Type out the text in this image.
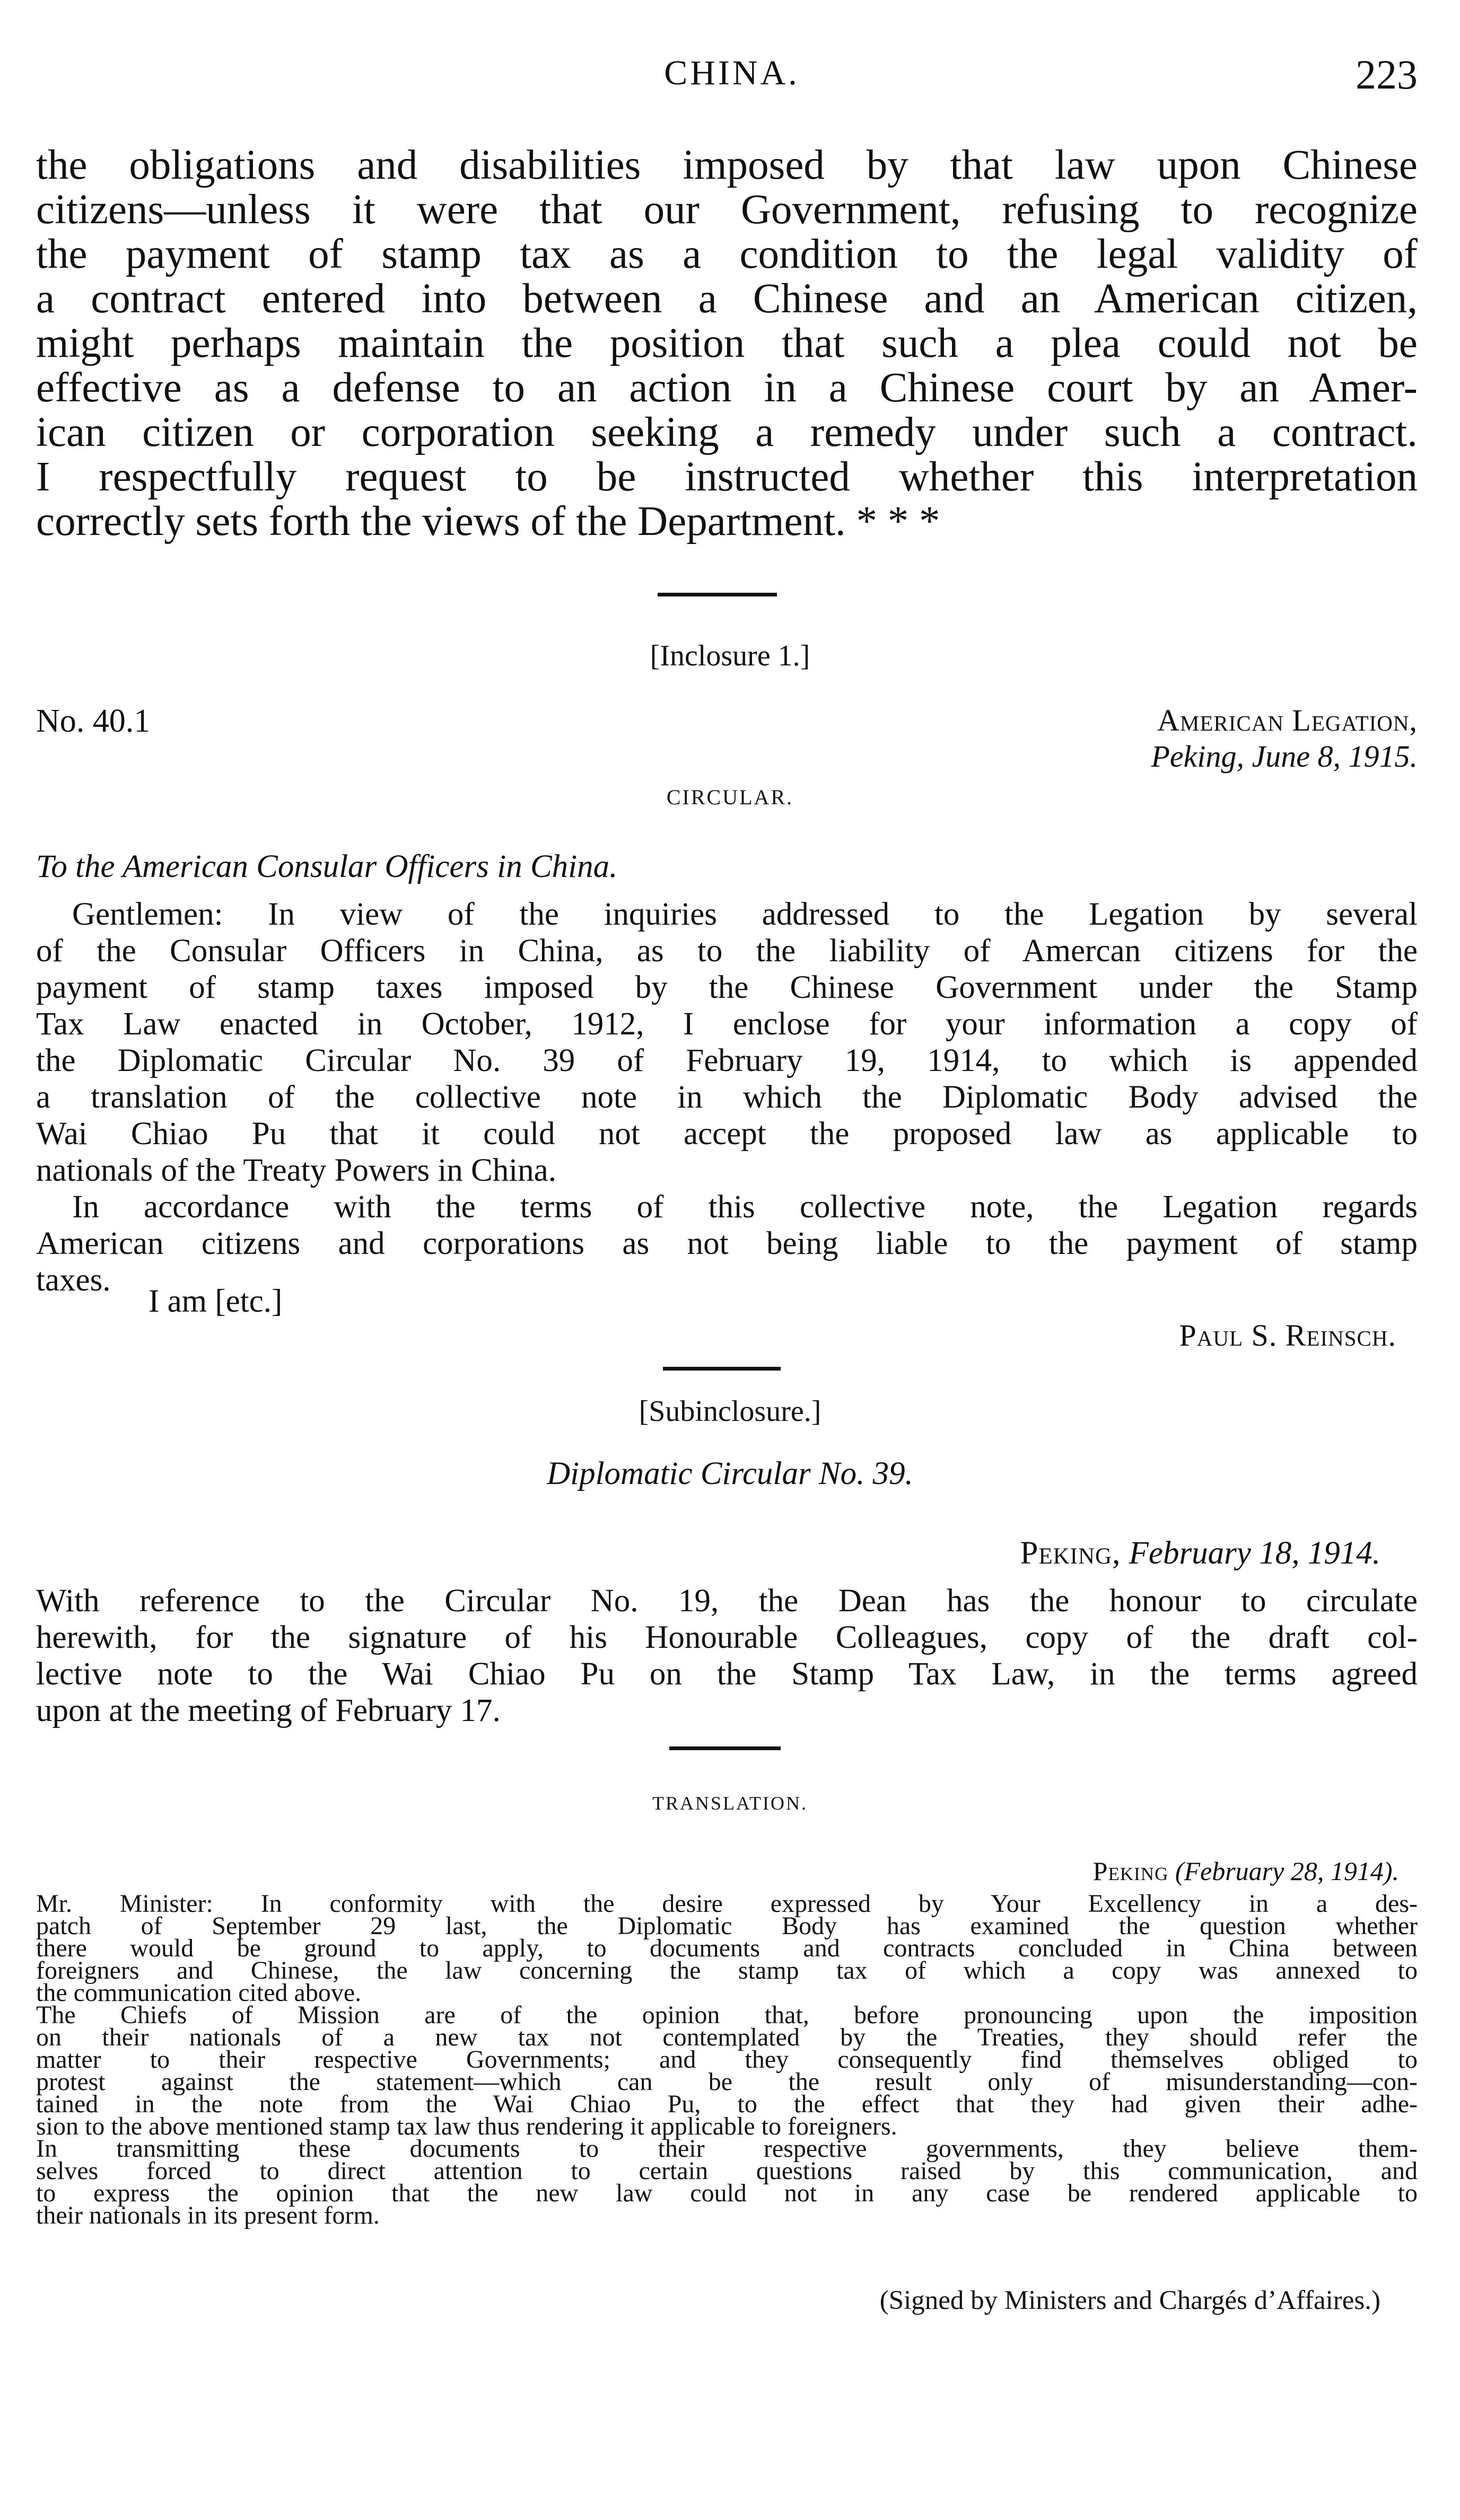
CHINA.	223
the obligations and disabilities imposed by that law upon Chinese
citizens—unless it were that our Government, refusing to recognize
the payment of stamp tax as a condition to the legal validity of
a contract entered into between a Chinese and an American citizen,
might perhaps maintain the position that such a plea could not be
effective as a defense to an action in a Chinese court by an Amer-
ican citizen or corporation seeking a remedy under such a contract.
I respectfully request to be instructed whether this interpretation
correctly sets forth the views of the Department. * * *
[Inclosure 1.]
No. 40.1	American Legation,
Peking, June 8, 1915.
CIRCULAR.
To the American Consular Officers in China.
Gentlemen: In view of the inquiries addressed to the Legation by several
of the Consular Officers in China, as to the liability of Amercan citizens for the
payment of stamp taxes imposed by the Chinese Government under the Stamp
Tax Law enacted in October, 1912, I enclose for your information a copy of
the Diplomatic Circular No. 39 of February 19, 1914, to which is appended
a translation of the collective note in which the Diplomatic Body advised the
Wai Chiao Pu that it could not accept the proposed law as applicable to
nationals of the Treaty Powers in China.
In accordance with the terms of this collective note, the Legation regards
American citizens and corporations as not being liable to the payment of stamp
taxes.
I am [etc.]
Paul S. Reinsch.
[Subinclosure.]
Diplomatic Circular No. 39.
Peking, February 18, 1914.
With reference to the Circular No. 19, the Dean has the honour to circulate
herewith, for the signature of his Honourable Colleagues, copy of the draft col-
lective note to the Wai Chiao Pu on the Stamp Tax Law, in the terms agreed
upon at the meeting of February 17.
TRANSLATION.
Peking (February 28, 1914).
Mr. Minister: In conformity with the desire expressed by Your Excellency in a des-
patch of September 29 last, the Diplomatic Body has examined the question whether
there would be ground to apply, to documents and contracts concluded in China between
foreigners and Chinese, the law concerning the stamp tax of which a copy was annexed to
the communication cited above.
The Chiefs of Mission are of the opinion that, before pronouncing upon the imposition
on their nationals of a new tax not contemplated by the Treaties, they should refer the
matter to their respective Governments; and they consequently find themselves obliged to
protest against the statement—which can be the result only of misunderstanding—con-
tained in the note from the Wai Chiao Pu, to the effect that they had given their adhe-
sion to the above mentioned stamp tax law thus rendering it applicable to foreigners.
In transmitting these documents to their respective governments, they believe them-
selves forced to direct attention to certain questions raised by this communication, and
to express the opinion that the new law could not in any case be rendered applicable to
their nationals in its present form.
(Signed by Ministers and Chargés d’Affaires.)
